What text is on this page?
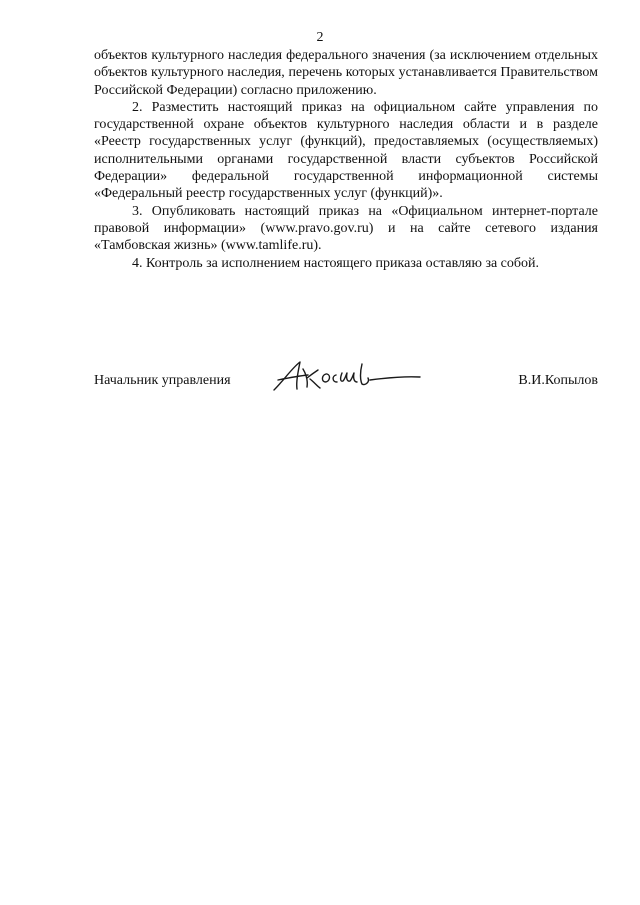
2

объектов культурного наследия федерального значения (за исключением отдельных объектов культурного наследия, перечень которых устанавливается Правительством Российской Федерации) согласно приложению.

2. Разместить настоящий приказ на официальном сайте управления по государственной охране объектов культурного наследия области и в разделе «Реестр государственных услуг (функций), предоставляемых (осуществляемых) исполнительными органами государственной власти субъектов Российской Федерации» федеральной государственной информационной системы «Федеральный реестр государственных услуг (функций)».

3. Опубликовать настоящий приказ на «Официальном интернет-портале правовой информации» (www.pravo.gov.ru) и на сайте сетевого издания «Тамбовская жизнь» (www.tamlife.ru).

4. Контроль за исполнением настоящего приказа оставляю за собой.

Начальник управления	В.И.Копылов
